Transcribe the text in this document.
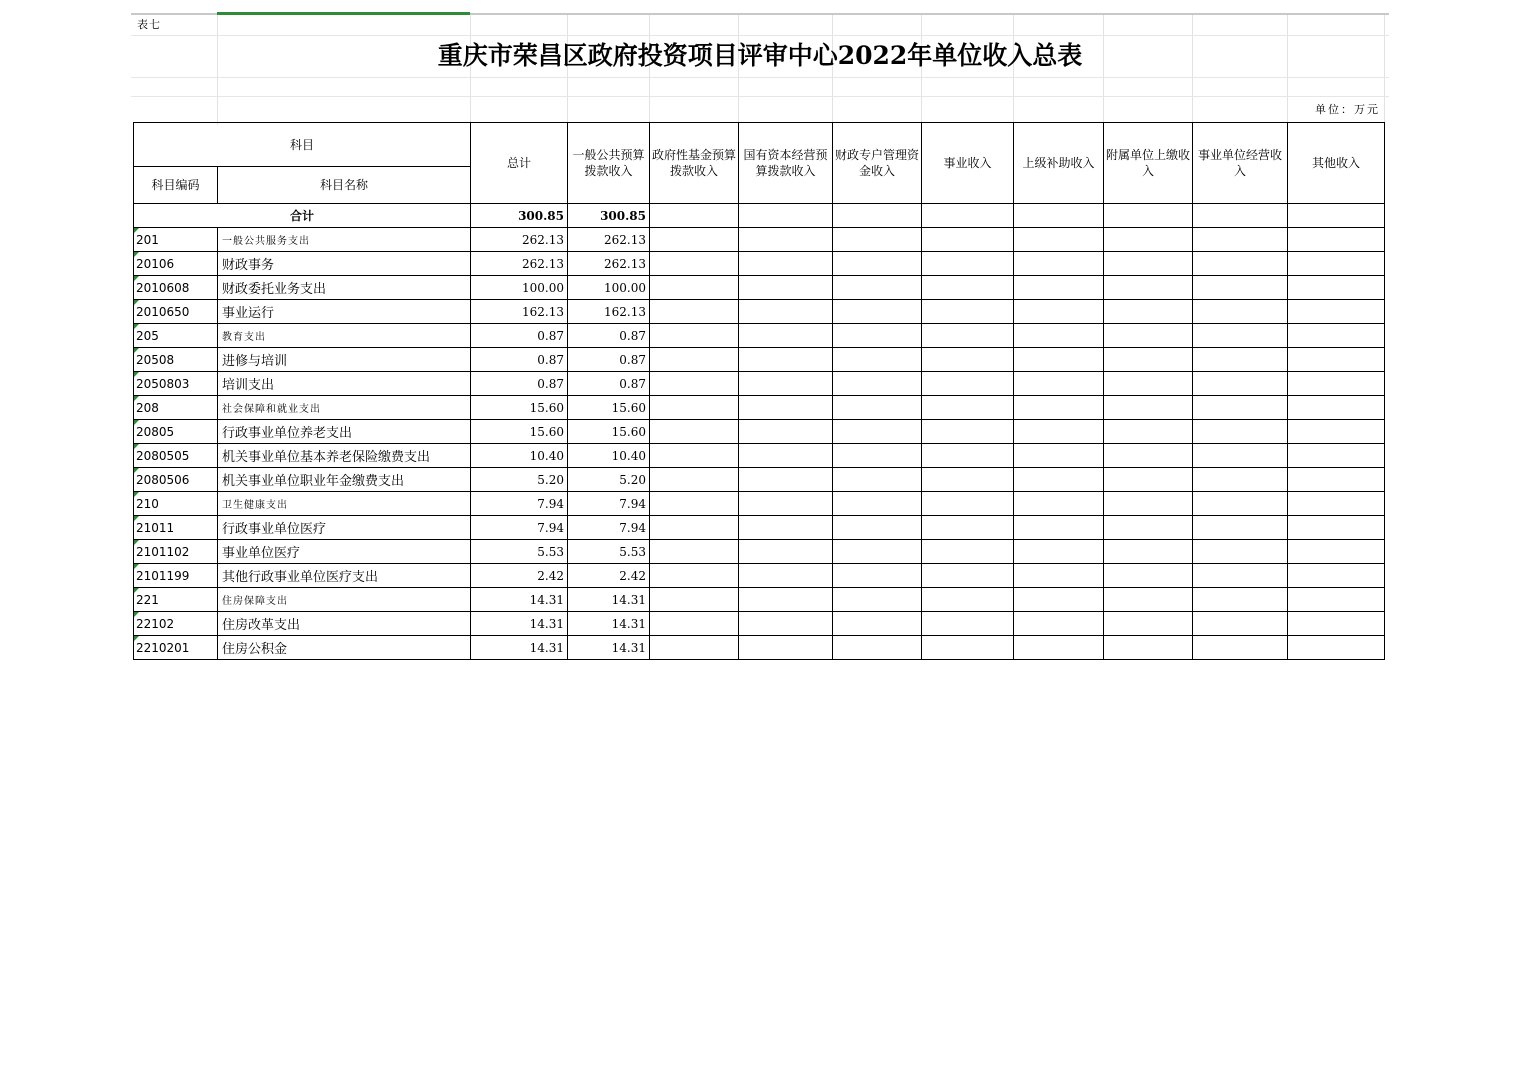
表七
重庆市荣昌区政府投资项目评审中心2022年单位收入总表
单位：万元
科目		总计	一般公共预算拨款收入	政府性基金预算拨款收入	国有资本经营预算拨款收入	财政专户管理资金收入	事业收入	上级补助收入	附属单位上缴收入	事业单位经营收入	其他收入
科目编码	科目名称										
合计		300.85	300.85								
201	一般公共服务支出	262.13	262.13								
20106	财政事务	262.13	262.13								
2010608	财政委托业务支出	100.00	100.00								
2010650	事业运行	162.13	162.13								
205	教育支出	0.87	0.87								
20508	进修与培训	0.87	0.87								
2050803	培训支出	0.87	0.87								
208	社会保障和就业支出	15.60	15.60								
20805	行政事业单位养老支出	15.60	15.60								
2080505	机关事业单位基本养老保险缴费支出	10.40	10.40								
2080506	机关事业单位职业年金缴费支出	5.20	5.20								
210	卫生健康支出	7.94	7.94								
21011	行政事业单位医疗	7.94	7.94								
2101102	事业单位医疗	5.53	5.53								
2101199	其他行政事业单位医疗支出	2.42	2.42								
221	住房保障支出	14.31	14.31								
22102	住房改革支出	14.31	14.31								
2210201	住房公积金	14.31	14.31								
